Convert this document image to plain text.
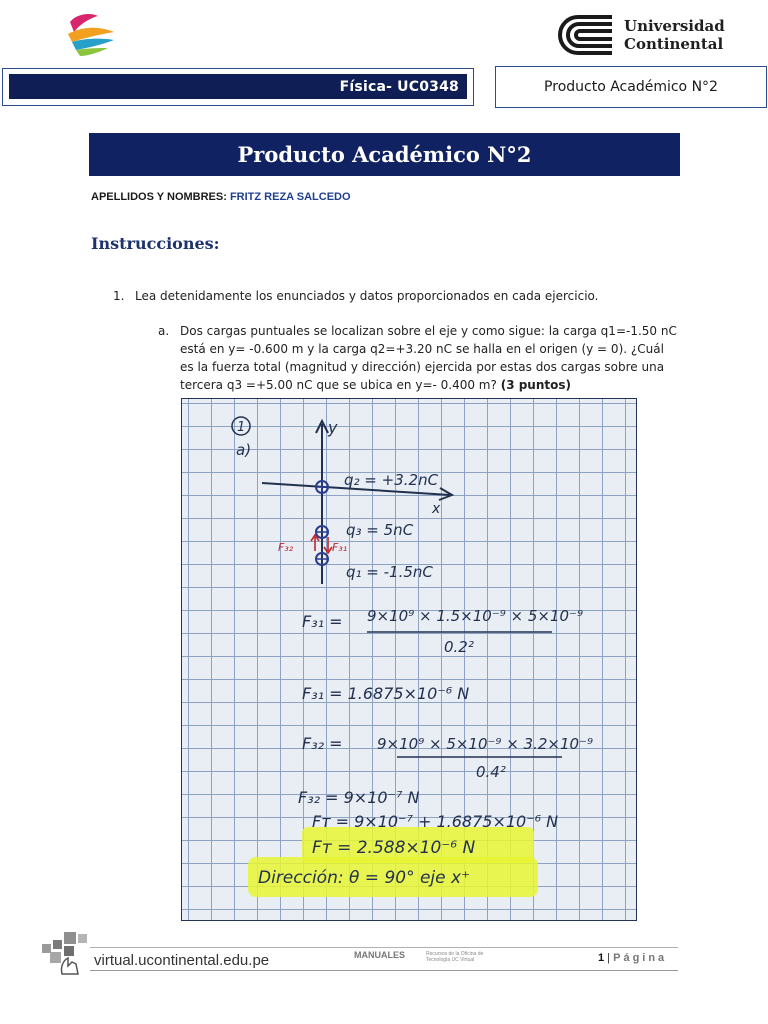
Universidad
Continental
Física- UC0348	Producto Académico N°2
Producto Académico N°2
APELLIDOS Y NOMBRES: FRITZ REZA SALCEDO
Instrucciones:
1. Lea detenidamente los enunciados y datos proporcionados en cada ejercicio.
a. Dos cargas puntuales se localizan sobre el eje y como sigue: la carga q1=-1.50 nC está en y= -0.600 m y la carga q2=+3.20 nC se halla en el origen (y = 0). ¿Cuál es la fuerza total (magnitud y dirección) ejercida por estas dos cargas sobre una tercera q3 =+5.00 nC que se ubica en y=- 0.400 m? (3 puntos)
1
a)
y
x
q₂ = +3.2nC
q₃ = 5nC
q₁ = -1.5nC
F₃₂	F₃₁
F₃₁ = 9×10⁹ × 1.5×10⁻⁹ × 5×10⁻⁹
0.2²
F₃₁ = 1.6875×10⁻⁶ N
F₃₂ = 9×10⁹ × 5×10⁻⁹ × 3.2×10⁻⁹
0.4²
F₃₂ = 9×10⁻⁷ N
Fт = 9×10⁻⁷ + 1.6875×10⁻⁶ N
Fт = 2.588×10⁻⁶ N
Dirección: θ = 90° eje x⁺
virtual.ucontinental.edu.pe	MANUALES	Recursos de la Oficina de Tecnología UC Virtual	1 | Página
